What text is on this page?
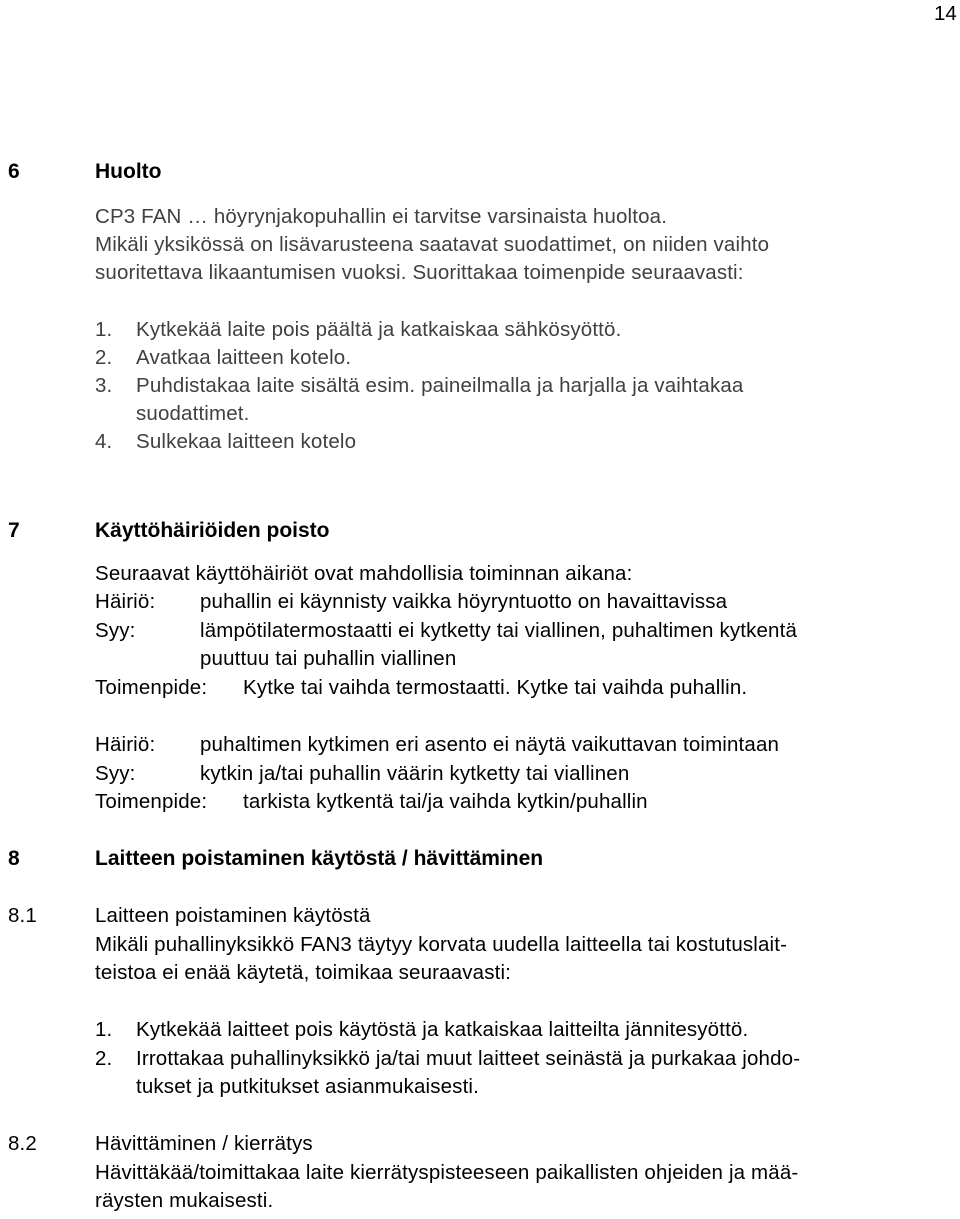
14
6	Huolto
CP3 FAN … höyrynjakopuhallin ei tarvitse varsinaista huoltoa.
Mikäli yksikössä on lisävarusteena saatavat suodattimet, on niiden vaihto
suoritettava likaantumisen vuoksi. Suorittakaa toimenpide seuraavasti:
1. Kytkekää laite pois päältä ja katkaiskaa sähkösyöttö.
2. Avatkaa laitteen kotelo.
3. Puhdistakaa laite sisältä esim. paineilmalla ja harjalla ja vaihtakaa
suodattimet.
4. Sulkekaa laitteen kotelo
7	Käyttöhäiriöiden poisto
Seuraavat käyttöhäiriöt ovat mahdollisia toiminnan aikana:
Häiriö: puhallin ei käynnisty vaikka höyryntuotto on havaittavissa
Syy:	lämpötilatermostaatti ei kytketty tai viallinen, puhaltimen kytkentä
puuttuu tai puhallin viallinen
Toimenpide: Kytke tai vaihda termostaatti. Kytke tai vaihda puhallin.
Häiriö: puhaltimen kytkimen eri asento ei näytä vaikuttavan toimintaan
Syy:	kytkin ja/tai puhallin väärin kytketty tai viallinen
Toimenpide: tarkista kytkentä tai/ja vaihda kytkin/puhallin
8	Laitteen poistaminen käytöstä / hävittäminen
8.1	Laitteen poistaminen käytöstä
Mikäli puhallinyksikkö FAN3 täytyy korvata uudella laitteella tai kostutuslait-
teistoa ei enää käytetä, toimikaa seuraavasti:
1. Kytkekää laitteet pois käytöstä ja katkaiskaa laitteilta jännitesyöttö.
2. Irrottakaa puhallinyksikkö ja/tai muut laitteet seinästä ja purkakaa johdo-
tukset ja putkitukset asianmukaisesti.
8.2	Hävittäminen / kierrätys
Hävittäkää/toimittakaa laite kierrätyspisteeseen paikallisten ohjeiden ja mää-
räysten mukaisesti.
